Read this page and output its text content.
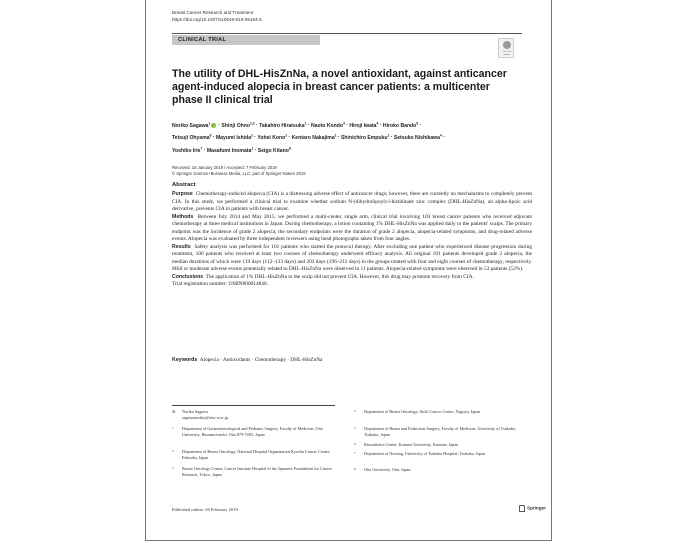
Breast Cancer Research and Treatment
https://doi.org/10.1007/s10549-019-05164-5
CLINICAL TRIAL
Check for updates
The utility of DHL-HisZnNa, a novel antioxidant, against anticancer agent-induced alopecia in breast cancer patients: a multicenter phase II clinical trial
Noriko Sagawa$^1$ · Shinji Ohno$^{2,3}$ · Takahiro Hiratsuka$^1$ · Naoto Kondo$^4$ · Hiroji Iwata$^4$ · Hiroko Bando$^5$ ·
Tetsuji Ohyama$^6$ · Mayumi Ishida$^2$ · Yohei Kono$^1$ · Kentaro Nakajima$^1$ · Shinichiro Empuku$^1$ · Setsuko Nishikawa$^4$ ·
Yoshiko Irie$^7$ · Masafumi Inomata$^1$ · Seigo Kitano$^8$
Received: 18 January 2019 / Accepted: 7 February 2019
© Springer Science+Business Media, LLC, part of Springer Nature 2019
Abstract

Purpose Chemotherapy-induced alopecia (CIA) is a distressing adverse effect of anticancer drugs; however, there are currently no mechanisms to completely prevent CIA. In this study, we performed a clinical trial to examine whether sodium N-(dihydrolipoyl)-l-histidinate zinc complex (DHL-HisZnNa), an alpha-lipoic acid derivative, prevents CIA in patients with breast cancer.

Methods Between July 2014 and May 2015, we performed a multi-center, single arm, clinical trial involving 103 breast cancer patients who received adjuvant chemotherapy at three medical institutions in Japan. During chemotherapy, a lotion containing 1% DHL-HisZnNa was applied daily to the patients' scalps. The primary endpoint was the incidence of grade 2 alopecia; the secondary endpoints were the duration of grade 2 alopecia, alopecia-related symptoms, and drug-related adverse events. Alopecia was evaluated by three independent reviewers using head photographs taken from four angles.

Results Safety analysis was performed for 101 patients who started the protocol therapy. After excluding one patient who experienced disease progression during treatment, 100 patients who received at least two courses of chemotherapy underwent efficacy analysis. All original 101 patients developed grade 2 alopecia, the median durations of which were 119 days (112–133 days) and 203 days (196–212 days) in the groups treated with four and eight courses of chemotherapy, respectively. Mild or moderate adverse events potentially related to DHL-HisZnNa were observed in 11 patients. Alopecia-related symptoms were observed in 53 patients (52%).

Conclusions The application of 1% DHL-HisZnNa to the scalp did not prevent CIA. However, this drug may promote recovery from CIA.

Trial registration number: UMIN000014840.

Keywords Alopecia · Antioxidants · Chemotherapy · DHL-HisZnNa
✉ Noriko Sagawa
sagawanoriko@oita-u.ac.jp
1 Department of Gastroenterological and Pediatric Surgery, Faculty of Medicine, Oita University, Hasama-machi, Oita 879-5593, Japan
2 Department of Breast Oncology, National Hospital Organization Kyushu Cancer Center, Fukuoka, Japan
3 Breast Oncology Center, Cancer Institute Hospital of the Japanese Foundation for Cancer Research, Tokyo, Japan
4 Department of Breast Oncology, Aichi Cancer Center, Nagoya, Japan
5 Department of Breast and Endocrine Surgery, Faculty of Medicine, University of Tsukuba, Tsukuba, Japan
6 Biostatistics Center, Kurume University, Kurume, Japan
7 Department of Nursing, University of Tsukuba Hospital, Tsukuba, Japan
8 Oita University, Oita, Japan
Published online: 26 February 2019	Springer
